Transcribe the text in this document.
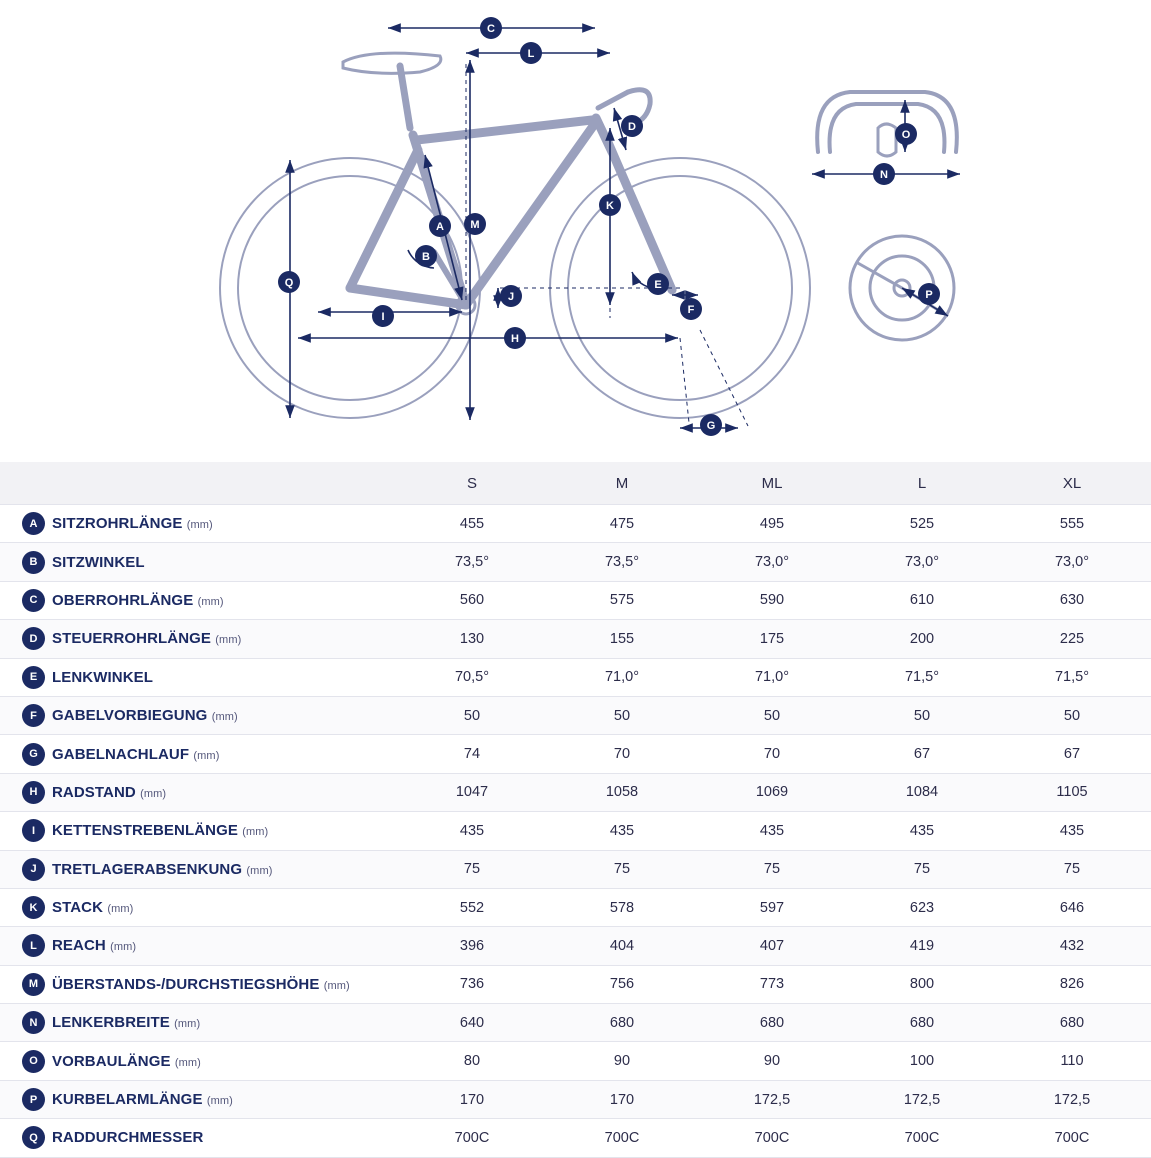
C
L
D
K
M
A
B
Q
I
J
H
E
F
G
O
N
P
		S	M	ML	L	XL	
A	SITZROHRLÄNGE (mm)	455	475	495	525	555	
B	SITZWINKEL	73,5°	73,5°	73,0°	73,0°	73,0°	
C	OBERROHRLÄNGE (mm)	560	575	590	610	630	
D	STEUERROHRLÄNGE (mm)	130	155	175	200	225	
E	LENKWINKEL	70,5°	71,0°	71,0°	71,5°	71,5°	
F	GABELVORBIEGUNG (mm)	50	50	50	50	50	
G	GABELNACHLAUF (mm)	74	70	70	67	67	
H	RADSTAND (mm)	1047	1058	1069	1084	1105	
I	KETTENSTREBENLÄNGE (mm)	435	435	435	435	435	
J	TRETLAGERABSENKUNG (mm)	75	75	75	75	75	
K	STACK (mm)	552	578	597	623	646	
L	REACH (mm)	396	404	407	419	432	
M	ÜBERSTANDS-/DURCHSTIEGSHÖHE (mm)	736	756	773	800	826	
N	LENKERBREITE (mm)	640	680	680	680	680	
O	VORBAULÄNGE (mm)	80	90	90	100	110	
P	KURBELARMLÄNGE (mm)	170	170	172,5	172,5	172,5	
Q	RADDURCHMESSER	700C	700C	700C	700C	700C	
